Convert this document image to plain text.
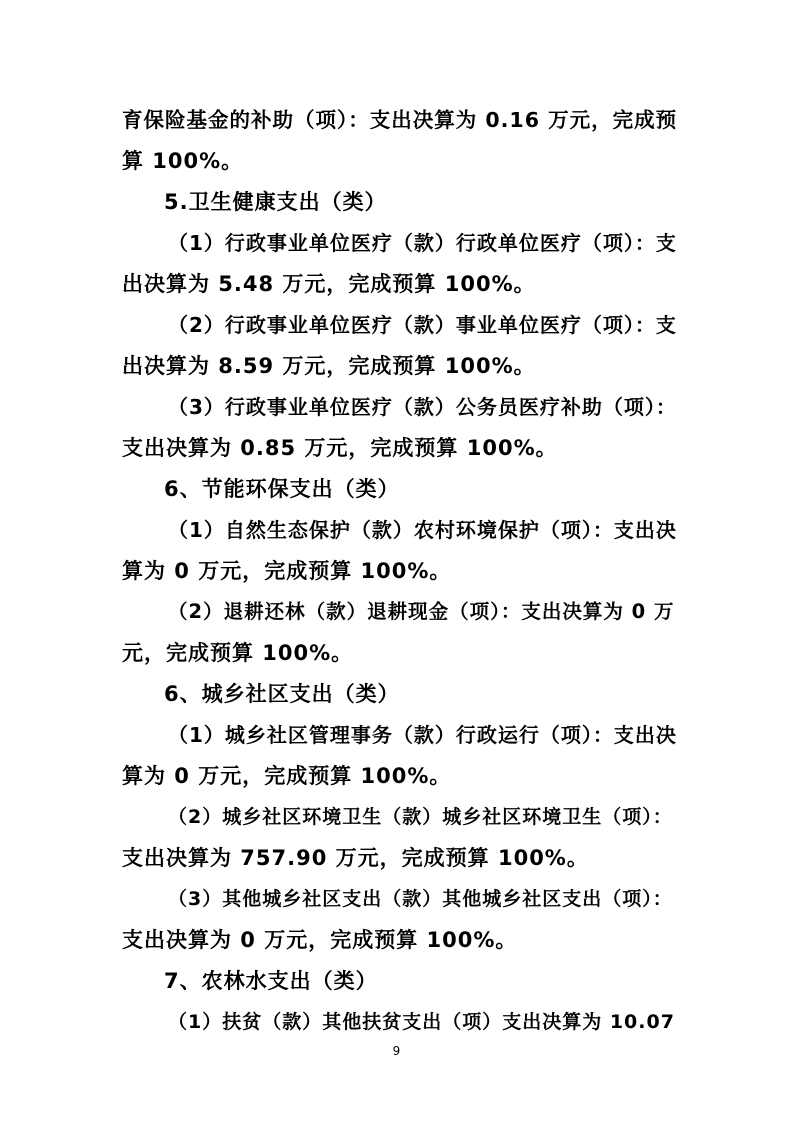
育保险基金的补助（项）：支出决算为 0.16 万元，完成预
算 100%。
5.卫生健康支出（类）
（1）行政事业单位医疗（款）行政单位医疗（项）：支
出决算为 5.48 万元，完成预算 100%。
（2）行政事业单位医疗（款）事业单位医疗（项）：支
出决算为 8.59 万元，完成预算 100%。
（3）行政事业单位医疗（款）公务员医疗补助（项）：
支出决算为 0.85 万元，完成预算 100%。
6、节能环保支出（类）
（1）自然生态保护（款）农村环境保护（项）：支出决
算为 0 万元，完成预算 100%。
（2）退耕还林（款）退耕现金（项）：支出决算为 0 万
元，完成预算 100%。
6、城乡社区支出（类）
（1）城乡社区管理事务（款）行政运行（项）：支出决
算为 0 万元，完成预算 100%。
（2）城乡社区环境卫生（款）城乡社区环境卫生（项）：
支出决算为 757.90 万元，完成预算 100%。
（3）其他城乡社区支出（款）其他城乡社区支出（项）：
支出决算为 0 万元，完成预算 100%。
7、农林水支出（类）
（1）扶贫（款）其他扶贫支出（项）支出决算为 10.07
9
